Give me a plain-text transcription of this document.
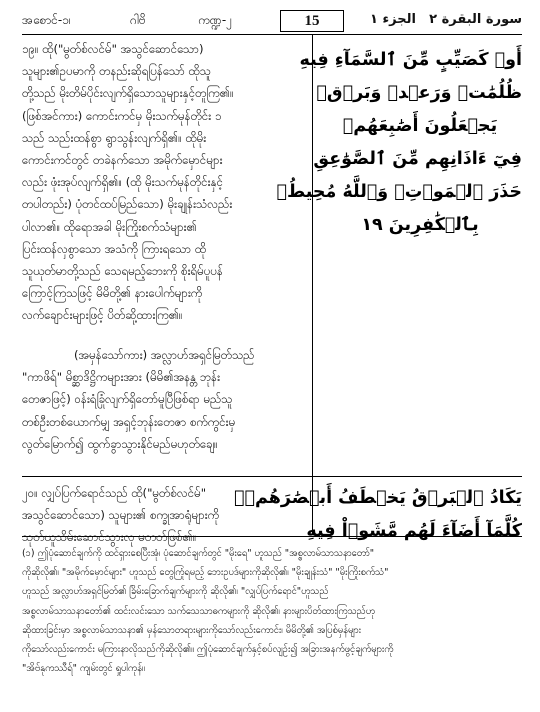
အစောင်-၁၊	ဂါဗိ	ကဏ္ဍ-၂	15	الجزء ١ سورة البقرة ٢
၁၉။ ထို("မွတ်စ်လင်မ်" အသွင်ဆောင်သော)
သူများ၏ဥပမာကို တနည်းဆိုရပြန်သော် ထိုသူ
တို့သည် မိုးတိမ်ပိုင်းလျက်ရှိသောသူများနှင့်တူကြ၏။
(ဖြစ်အင်ကား) ကောင်းကင်မှ မိုးသက်မုန်တိုင်း ၁
သည် သည်းထန်စွာ ရွာသွန်းလျက်ရှိ၏။ ထိုမိုး
ကောင်းကင်တွင် တခဲနက်သော အမိုက်မှောင်များ
လည်း ဖုံးအုပ်လျက်ရှိ၏။ (ထို မိုးသက်မုန်တိုင်းနှင့်
တပါတည်း) ပုံတင်ထပ်မြည်သော) မိုးချုန်းသံလည်း
ပါလာ၏။ ထိုရောအခါ မိုးကြိုးစက်သံများ၏
ပြင်းထန်လှစွာသော အသံကို ကြားရသော ထို
သူယုတ်မာတို့သည် သေရမည့်ဘေးကို စိုးရိမ်ပူပန်
ကြောင့်ကြသဖြင့် မိမိတို့၏ နားပေါက်များကို
လက်ချောင်းများဖြင့် ပိတ်ဆို့ထားကြ၏။
(အမှန်သော်ကား) အလ္လာဟ်အရှင်မြတ်သည်
"ကာဖိရ်" မိစ္ဆာဒိဋ္ဌိကများအား (မိမိ၏အနန္တ ဘုန်း
တေဇာဖြင့်) ဝန်းရံခြုံလျက်ရှိတော်မူပြီဖြစ်ရာ မည်သူ
တစ်ဦးတစ်ယောက်မျှ အရှင့်ဘုန်းတေဇာ စက်ကွင်းမှ
လွတ်မြောက်၍ ထွက်ခွာသွားနိုင်မည်မဟုတ်ချေ။
၂၀။ လျှပ်ပြက်ရောင်သည် ထို("မွတ်စ်လင်မ်"
အသွင်ဆောင်သော) သူများ၏ စက္ခုအာရုံများကို
သုတ်ယူသိမ်းဆောင်သွားလု မတတ်ဖြစ်၏။
أَوۡ كَصَيِّبٍ مِّنَ ٱلسَّمَآءِ فِيهِ
ظُلُمَٰتٞ وَرَعۡدٞ وَبَرۡقٞ
يَجۡعَلُونَ أَصَٰبِعَهُمۡ
فِيٓ ءَاذَانِهِم مِّنَ ٱلصَّوَٰعِقِ
حَذَرَ ٱلۡمَوۡتِۚ وَٱللَّهُ مُحِيطُۢ
بِٱلۡكَٰفِرِينَ ١٩
يَكَادُ ٱلۡبَرۡقُ يَخۡطَفُ أَبۡصَٰرَهُمۡۖ
كُلَّمَآ أَضَآءَ لَهُم مَّشَوۡاْ فِيهِ
(၁) ဤပုံဆောင်ချက်ကို ထင်ရှားစေပြီးအုံ၊ ပုံဆောင်ချက်တွင် "မိုးရေ" ဟူသည် "အစ္စလာမ်သာသနာတော်"
ကိုဆိုလို၏၊ "အမိုက်မှောင်များ" ဟူသည် တွေကြုံရမည့် ဘေးဥပဒ်များကိုဆိုလို၏၊ "မိုးချုန်းသံ" "မိုးကြိုးစက်သံ"
ဟူသည် အလ္လာဟ်အရှင်မြတ်၏ ခြိမ်းခြောက်ချက်များကို ဆိုလို၏၊ "လျှပ်ပြက်ရောင်"ဟူသည်
အစ္စလာမ်သာသနာတော်၏ ထင်းလင်းသော သက်သေသာဓကများကို ဆိုလို၏၊ နားများပိတ်ထားကြသည်ဟု
ဆိုထားခြင်းမှာ အစ္စလာမ်သာသနာ၏ မှန်သောတရားများကိုသော်လည်းကောင်း၊ မိမိတို့၏ အပြစ်မှန်များ
ကိုသော်လည်းကောင်း မကြားနာလိုသည်ကိုဆိုလို၏။ ဤပုံဆောင်ချက်နှင့်စပ်လျဉ်း၍ အခြားအနက်ဖွင့်ချက်များကို
"အိဗ်နုကဿီရ်" ကျမ်းတွင် ရှုပါကုန်။
